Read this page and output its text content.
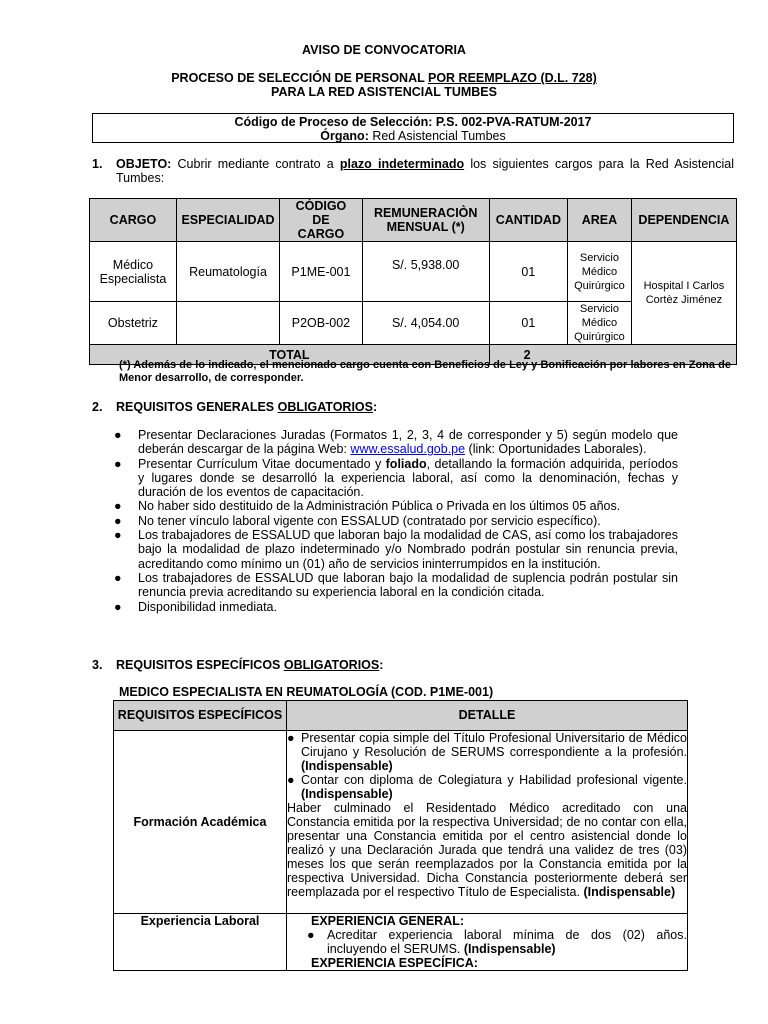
AVISO DE CONVOCATORIA
PROCESO DE SELECCIÓN DE PERSONAL POR REEMPLAZO (D.L. 728)
PARA LA RED ASISTENCIAL TUMBES
Código de Proceso de Selección: P.S. 002-PVA-RATUM-2017
Órgano: Red Asistencial Tumbes
1. OBJETO: Cubrir mediante contrato a plazo indeterminado los siguientes cargos para la Red Asistencial Tumbes:
CARGO	ESPECIALIDAD	CÓDIGO DE CARGO	REMUNERACIÒN MENSUAL (*)	CANTIDAD	AREA	DEPENDENCIA
Médico Especialista	Reumatología	P1ME-001	S/. 5,938.00	01	Servicio Médico Quirúrgico	Hospital I Carlos Cortèz Jiménez
Obstetriz		P2OB-002	S/. 4,054.00	01	Servicio Médico Quirúrgico	
TOTAL				2		
(*) Además de lo indicado, el mencionado cargo cuenta con Beneficios de Ley y Bonificación por labores en Zona de Menor desarrollo, de corresponder.
2. REQUISITOS GENERALES OBLIGATORIOS:
● Presentar Declaraciones Juradas (Formatos 1, 2, 3, 4 de corresponder y 5) según modelo que deberán descargar de la página Web: www.essalud.gob.pe (link: Oportunidades Laborales).
● Presentar Currículum Vitae documentado y foliado, detallando la formación adquirida, períodos y lugares donde se desarrolló la experiencia laboral, así como la denominación, fechas y duración de los eventos de capacitación.
● No haber sido destituido de la Administración Pública o Privada en los últimos 05 años.
● No tener vínculo laboral vigente con ESSALUD (contratado por servicio específico).
● Los trabajadores de ESSALUD que laboran bajo la modalidad de CAS, así como los trabajadores bajo la modalidad de plazo indeterminado y/o Nombrado podrán postular sin renuncia previa, acreditando como mínimo un (01) año de servicios ininterrumpidos en la institución.
● Los trabajadores de ESSALUD que laboran bajo la modalidad de suplencia podrán postular sin renuncia previa acreditando su experiencia laboral en la condición citada.
● Disponibilidad inmediata.
3. REQUISITOS ESPECÍFICOS OBLIGATORIOS:
MEDICO ESPECIALISTA EN REUMATOLOGÍA (COD. P1ME-001)
REQUISITOS ESPECÍFICOS	DETALLE
Formación Académica	● Presentar copia simple del Título Profesional Universitario de Médico Cirujano y Resolución de SERUMS correspondiente a la profesión. (Indispensable)
● Contar con diploma de Colegiatura y Habilidad profesional vigente. (Indispensable)
Haber culminado el Residentado Médico acreditado con una Constancia emitida por la respectiva Universidad; de no contar con ella, presentar una Constancia emitida por el centro asistencial donde lo realizó y una Declaración Jurada que tendrá una validez de tres (03) meses los que serán reemplazados por la Constancia emitida por la respectiva Universidad. Dicha Constancia posteriormente deberá ser reemplazada por el respectivo Título de Especialista. (Indispensable)

Experiencia Laboral	EXPERIENCIA GENERAL:
● Acreditar experiencia laboral mínima de dos (02) años. incluyendo el SERUMS. (Indispensable)
EXPERIENCIA ESPECÍFICA:
